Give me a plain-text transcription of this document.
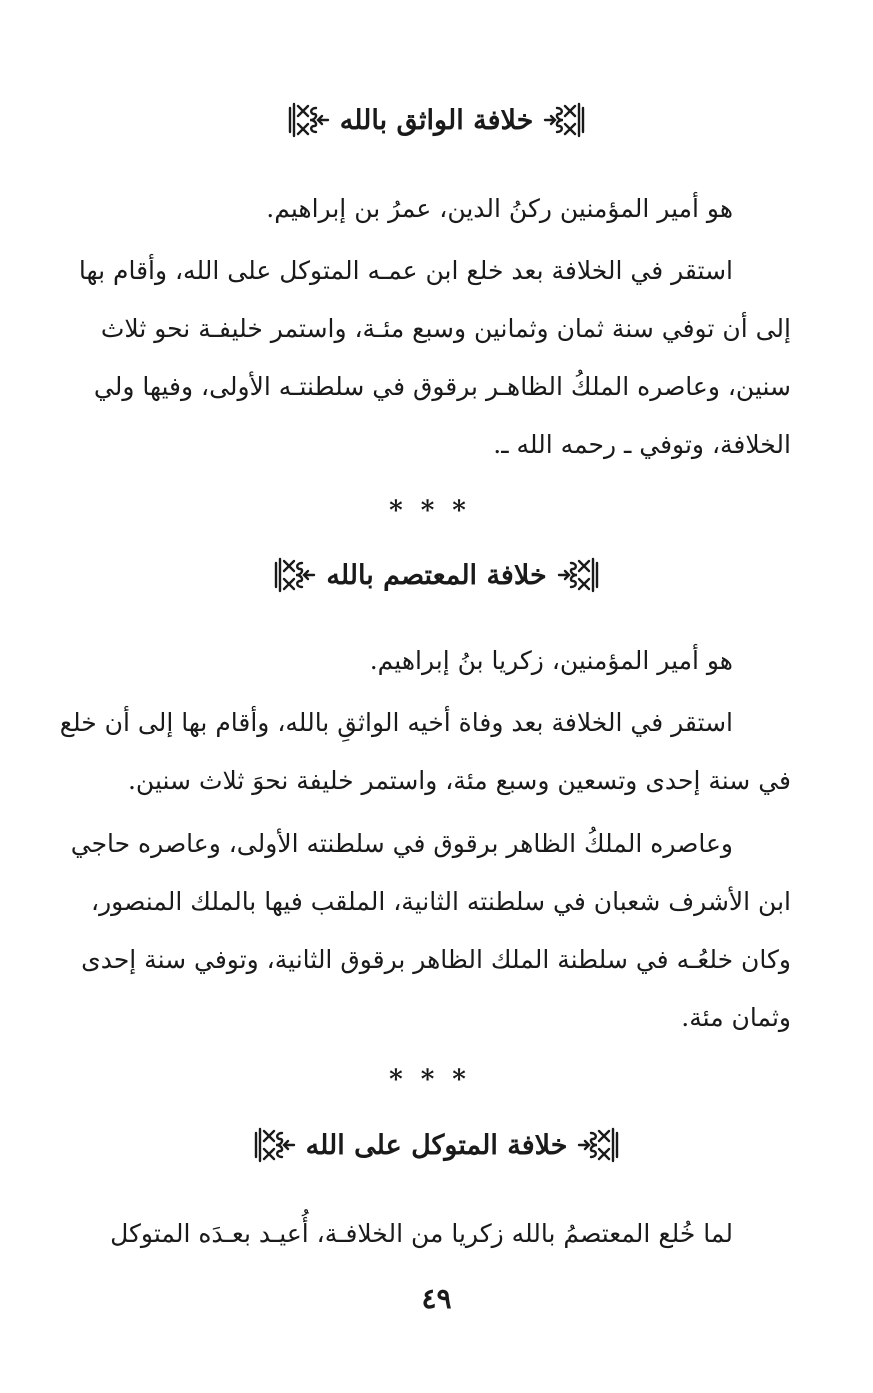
خلافة الواثق بالله
هو أمير المؤمنين ركنُ الدين، عمرُ بن إبراهيم.
استقر في الخلافة بعد خلع ابن عمـه المتوكل على الله، وأقام بها
إلى أن توفي سنة ثمان وثمانين وسبع مئـة، واستمر خليفـة نحو ثلاث
سنين، وعاصره الملكُ الظاهـر برقوق في سلطنتـه الأولى، وفيها ولي
الخلافة، وتوفي ـ رحمه الله ـ.
***
خلافة المعتصم بالله
هو أمير المؤمنين، زكريا بنُ إبراهيم.
استقر في الخلافة بعد وفاة أخيه الواثقِ بالله، وأقام بها إلى أن خلع
في سنة إحدى وتسعين وسبع مئة، واستمر خليفة نحوَ ثلاث سنين.
وعاصره الملكُ الظاهر برقوق في سلطنته الأولى، وعاصره حاجي
ابن الأشرف شعبان في سلطنته الثانية، الملقب فيها بالملك المنصور،
وكان خلعُـه في سلطنة الملك الظاهر برقوق الثانية، وتوفي سنة إحدى
وثمان مئة.
***
خلافة المتوكل على الله
لما خُلع المعتصمُ بالله زكريا من الخلافـة، أُعيـد بعـدَه المتوكل
٤٩
